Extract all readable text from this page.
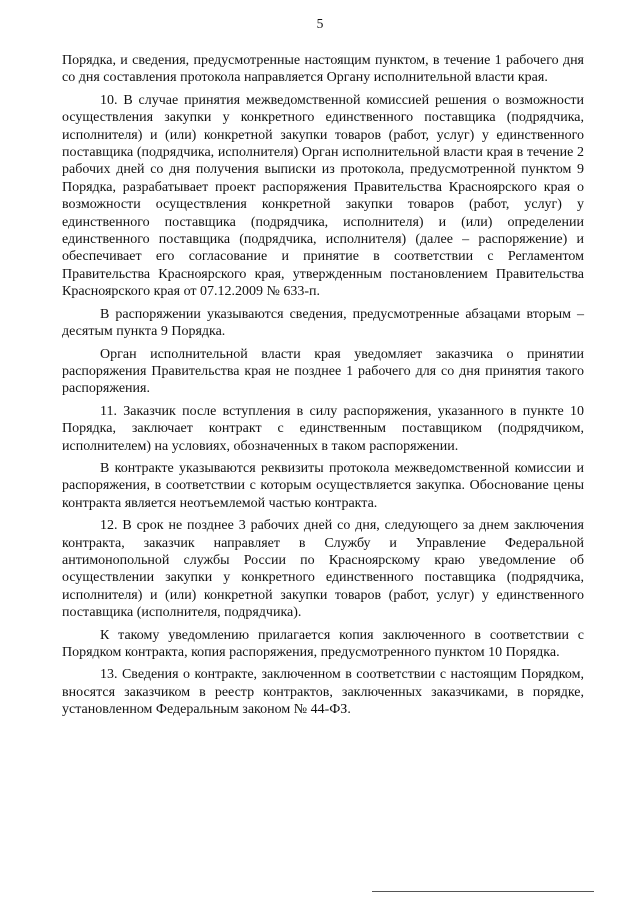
5

Порядка, и сведения, предусмотренные настоящим пунктом, в течение 1 рабочего дня со дня составления протокола направляется Органу исполнительной власти края.

10. В случае принятия межведомственной комиссией решения о возможности осуществления закупки у конкретного единственного поставщика (подрядчика, исполнителя) и (или) конкретной закупки товаров (работ, услуг) у единственного поставщика (подрядчика, исполнителя) Орган исполнительной власти края в течение 2 рабочих дней со дня получения выписки из протокола, предусмотренной пунктом 9 Порядка, разрабатывает проект распоряжения Правительства Красноярского края о возможности осуществления конкретной закупки товаров (работ, услуг) у единственного поставщика (подрядчика, исполнителя) и (или) определении единственного поставщика (подрядчика, исполнителя) (далее – распоряжение) и обеспечивает его согласование и принятие в соответствии с Регламентом Правительства Красноярского края, утвержденным постановлением Правительства Красноярского края от 07.12.2009 № 633-п.

В распоряжении указываются сведения, предусмотренные абзацами вторым – десятым пункта 9 Порядка.

Орган исполнительной власти края уведомляет заказчика о принятии распоряжения Правительства края не позднее 1 рабочего для со дня принятия такого распоряжения.

11. Заказчик после вступления в силу распоряжения, указанного в пункте 10 Порядка, заключает контракт с единственным поставщиком (подрядчиком, исполнителем) на условиях, обозначенных в таком распоряжении.

В контракте указываются реквизиты протокола межведомственной комиссии и распоряжения, в соответствии с которым осуществляется закупка. Обоснование цены контракта является неотъемлемой частью контракта.

12. В срок не позднее 3 рабочих дней со дня, следующего за днем заключения контракта, заказчик направляет в Службу и Управление Федеральной антимонопольной службы России по Красноярскому краю уведомление об осуществлении закупки у конкретного единственного поставщика (подрядчика, исполнителя) и (или) конкретной закупки товаров (работ, услуг) у единственного поставщика (исполнителя, подрядчика).

К такому уведомлению прилагается копия заключенного в соответствии с Порядком контракта, копия распоряжения, предусмотренного пунктом 10 Порядка.

13. Сведения о контракте, заключенном в соответствии с настоящим Порядком, вносятся заказчиком в реестр контрактов, заключенных заказчиками, в порядке, установленном Федеральным законом № 44-ФЗ.
